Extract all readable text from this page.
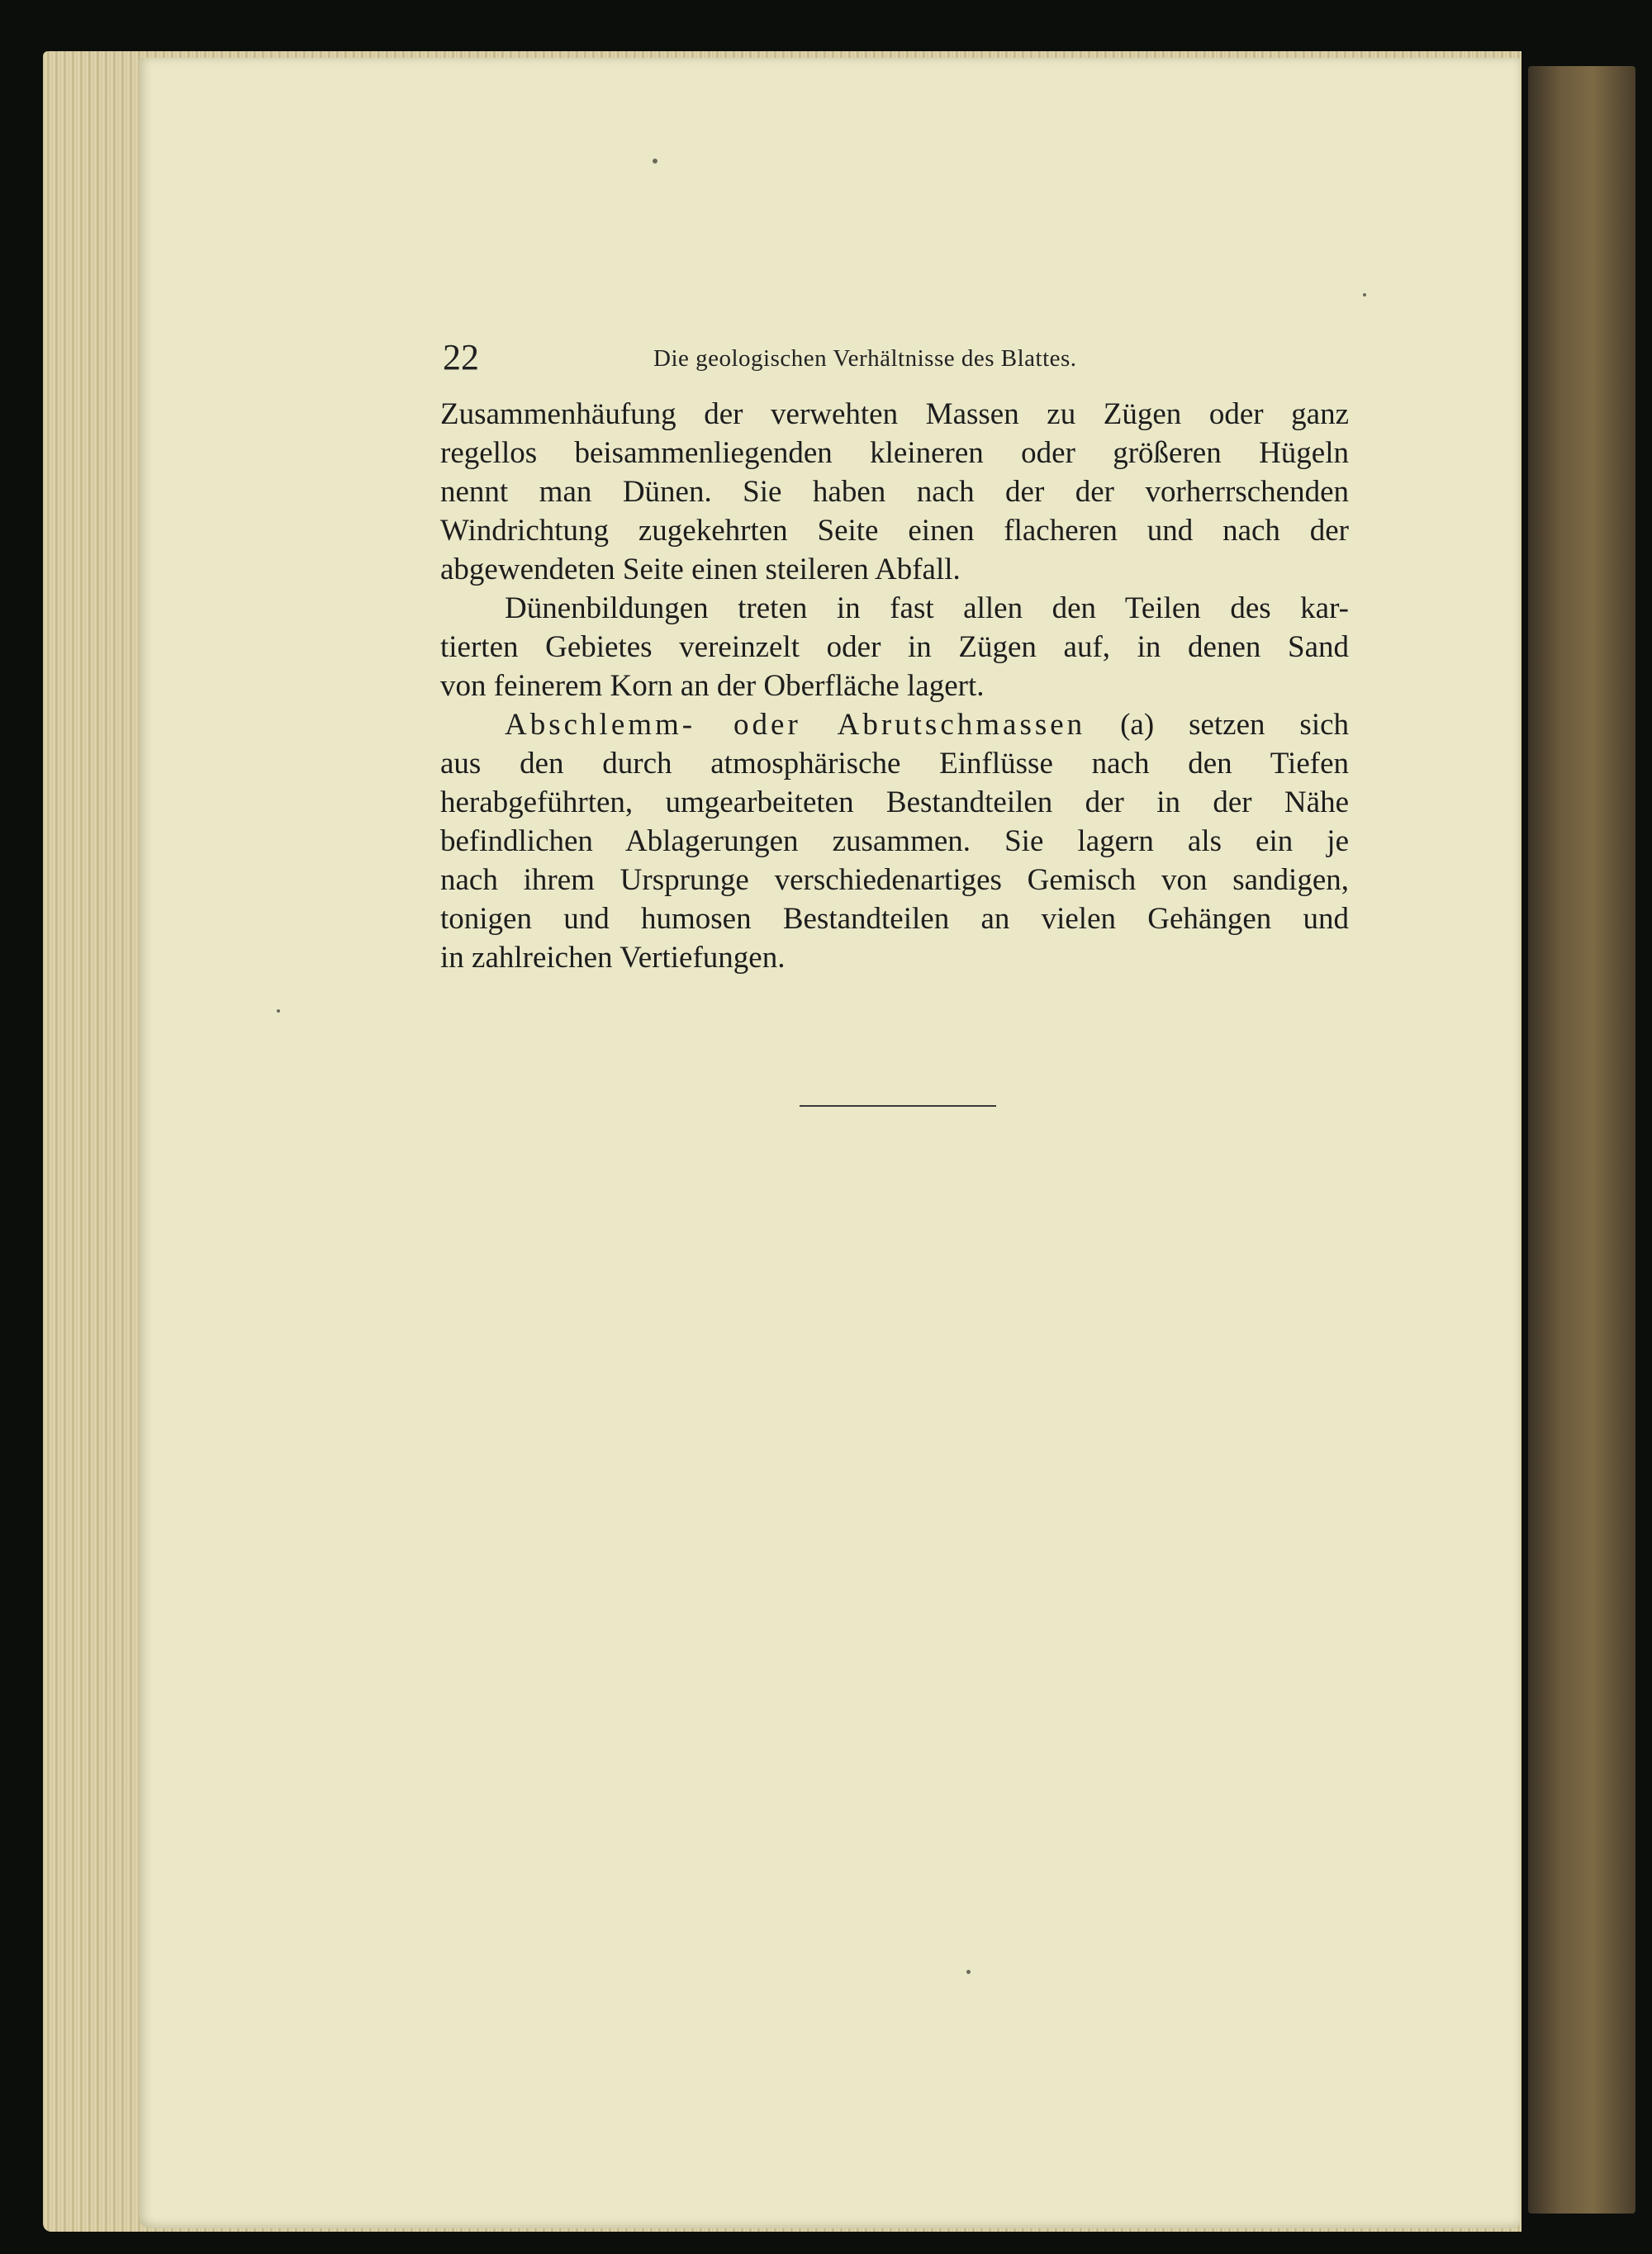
22	Die geologischen Verhältnisse des Blattes.
Zusammenhäufung der verwehten Massen zu Zügen oder ganz
regellos beisammenliegenden kleineren oder größeren Hügeln
nennt man Dünen. Sie haben nach der der vorherrschenden
Windrichtung zugekehrten Seite einen flacheren und nach der
abgewendeten Seite einen steileren Abfall.
Dünenbildungen treten in fast allen den Teilen des kar-
tierten Gebietes vereinzelt oder in Zügen auf, in denen Sand
von feinerem Korn an der Oberfläche lagert.
Abschlemm- oder Abrutschmassen (a) setzen sich
aus den durch atmosphärische Einflüsse nach den Tiefen
herabgeführten, umgearbeiteten Bestandteilen der in der Nähe
befindlichen Ablagerungen zusammen. Sie lagern als ein je
nach ihrem Ursprunge verschiedenartiges Gemisch von sandigen,
tonigen und humosen Bestandteilen an vielen Gehängen und
in zahlreichen Vertiefungen.
